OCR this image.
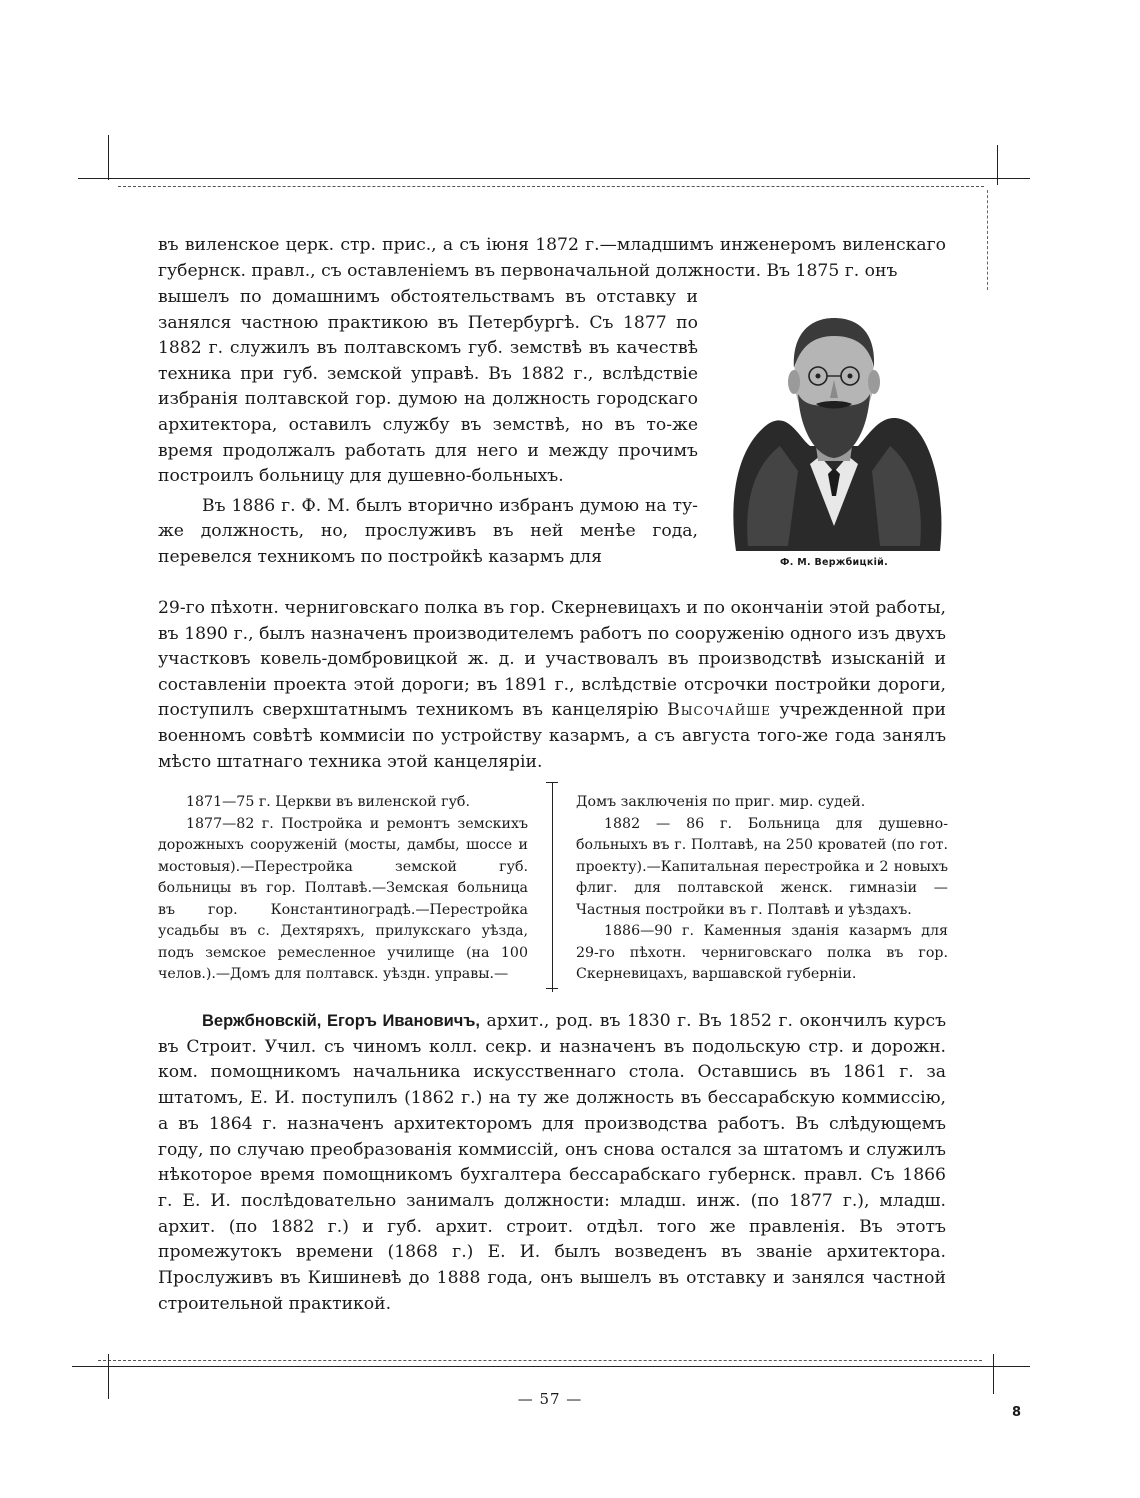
въ виленское церк. стр. прис., а съ іюня 1872 г.—младшимъ инженеромъ виленскаго губернск. правл., съ оставленіемъ въ первоначальной должности. Въ 1875 г. онъ

вышелъ по домашнимъ обстоятельствамъ въ отставку и занялся частною практикою въ Петербургѣ. Съ 1877 по 1882 г. служилъ въ полтавскомъ губ. земствѣ въ качествѣ техника при губ. земской управѣ. Въ 1882 г., вслѣдствіе избранія полтавской гор. думою на должность городскаго архитектора, оставилъ службу въ земствѣ, но въ то-же время продолжалъ работать для него и между прочимъ построилъ больницу для душевно-больныхъ.

Въ 1886 г. Ф. М. былъ вторично избранъ думою на ту-же должность, но, прослуживъ въ ней менѣе года, перевелся техникомъ по постройкѣ казармъ для

29-го пѣхотн. черниговскаго полка въ гор. Скерневицахъ и по окончаніи этой работы, въ 1890 г., былъ назначенъ производителемъ работъ по сооруженію одного изъ двухъ участковъ ковель-домбровицкой ж. д. и участвовалъ въ производствѣ изысканій и составленіи проекта этой дороги; въ 1891 г., вслѣдствіе отсрочки постройки дороги, поступилъ сверхштатнымъ техникомъ въ канцелярію Высочайше учрежденной при военномъ совѣтѣ коммисіи по устройству казармъ, а съ августа того-же года занялъ мѣсто штатнаго техника этой канцеляріи.

Ф. М. Вержбицкій.

1871—75 г. Церкви въ виленской губ.

1877—82 г. Постройка и ремонтъ земскихъ дорожныхъ сооруженій (мосты, дамбы, шоссе и мостовыя).—Перестройка земской губ. больницы въ гор. Полтавѣ.—Земская больница въ гор. Константиноградѣ.—Перестройка усадьбы въ с. Дехтяряхъ, прилукскаго уѣзда, подъ земское ремесленное училище (на 100 челов.).—Домъ для полтавск. уѣздн. управы.—

Домъ заключенія по приг. мир. судей.

1882 — 86 г. Больница для душевно-больныхъ въ г. Полтавѣ, на 250 кроватей (по гот. проекту).—Капитальная перестройка и 2 новыхъ флиг. для полтавской женск. гимназіи — Частныя постройки въ г. Полтавѣ и уѣздахъ.

1886—90 г. Каменныя зданія казармъ для 29-го пѣхотн. черниговскаго полка въ гор. Скерневицахъ, варшавской губерніи.

Вержбновскій, Егоръ Ивановичъ, архит., род. въ 1830 г. Въ 1852 г. окончилъ курсъ въ Строит. Учил. съ чиномъ колл. секр. и назначенъ въ подольскую стр. и дорожн. ком. помощникомъ начальника искусственнаго стола. Оставшись въ 1861 г. за штатомъ, Е. И. поступилъ (1862 г.) на ту же должность въ бессарабскую коммиссію, а въ 1864 г. назначенъ архитекторомъ для производства работъ. Въ слѣдующемъ году, по случаю преобразованія коммиссій, онъ снова остался за штатомъ и служилъ нѣкоторое время помощникомъ бухгалтера бессарабскаго губернск. правл. Съ 1866 г. Е. И. послѣдовательно занималъ должности: младш. инж. (по 1877 г.), младш. архит. (по 1882 г.) и губ. архит. строит. отдѣл. того же правленія. Въ этотъ промежутокъ времени (1868 г.) Е. И. былъ возведенъ въ званіе архитектора. Прослуживъ въ Кишиневѣ до 1888 года, онъ вышелъ въ отставку и занялся частной строительной практикой.

— 57 —
8
